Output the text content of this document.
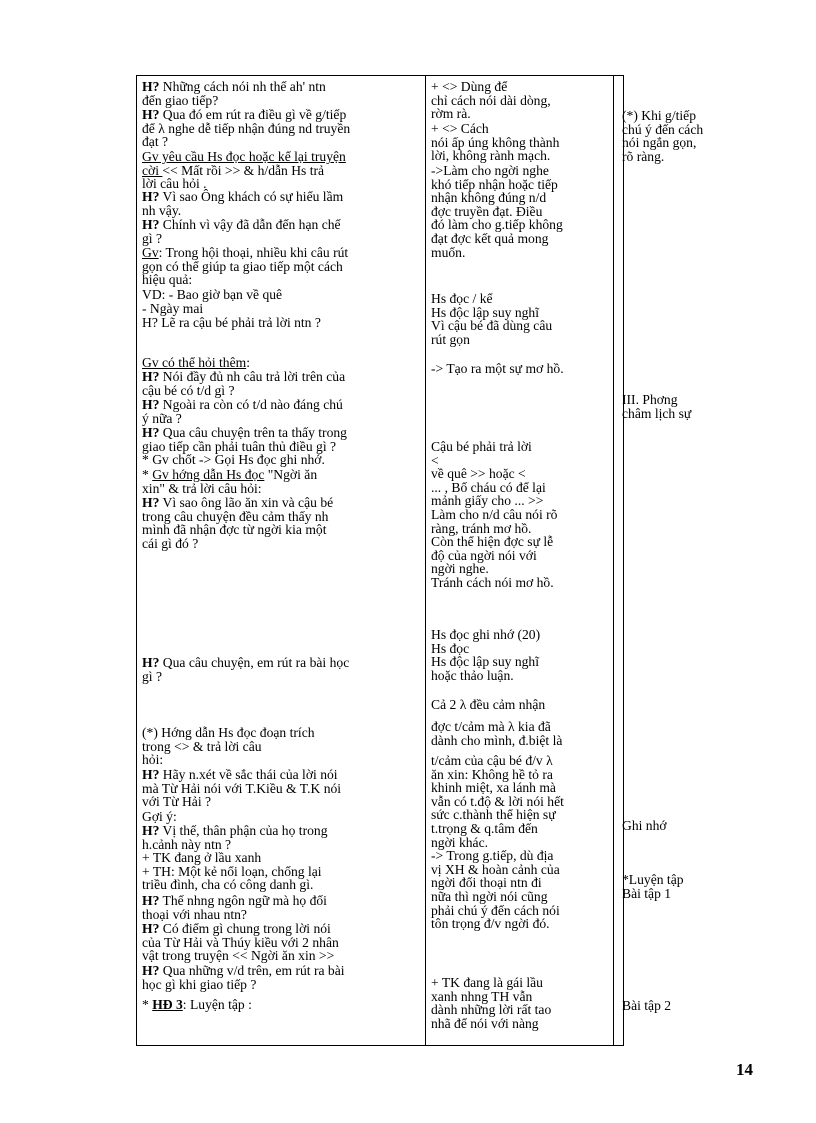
H? Những cách nói nh thế ah' ntn
đến giao tiếp?
H? Qua đó em rút ra điều gì về g/tiếp
để λ nghe dễ tiếp nhận đúng nd truyền
đạt ?
Gv yêu cầu Hs đọc hoặc kể lại truyện
cời << Mất rồi >> & h/dẫn Hs trả
lời câu hỏi .
H? Vì sao Ông khách có sự hiểu lầm
nh vậy.
H? Chính vì vậy đã dẫn đến hạn chế
gì ?
Gv: Trong hội thoại, nhiều khi câu rút
gọn có thể giúp ta giao tiếp một cách
hiệu quả:
VD: - Bao giờ bạn về quê
- Ngày mai
H? Lẽ ra cậu bé phải trả lời ntn ?
Gv có thể hỏi thêm:
H? Nói đầy đủ nh câu trả lời trên của
cậu bé có t/d gì ?
H? Ngoài ra còn có t/d nào đáng chú
ý nữa ?
H? Qua câu chuyện trên ta thấy trong
giao tiếp cần phải tuân thủ điều gì ?
* Gv chốt -> Gọi Hs đọc ghi nhớ.
* Gv hớng dẫn Hs đọc "Ngời ăn
xin" & trả lời câu hỏi:
H? Vì sao ông lão ăn xin và cậu bé
trong câu chuyện đều cảm thấy nh
mình đã nhận đợc từ ngời kia một
cái gì đó ?
H? Qua câu chuyện, em rút ra bài học
gì ?
(*) Hớng dẫn Hs đọc đoạn trích
trong <> & trả lời câu
hỏi:
H? Hãy n.xét về sắc thái của lời nói
mà Từ Hải nói với T.Kiều & T.K nói
với Từ Hải ?
Gợi ý:
H? Vị thế, thân phận của họ trong
h.cảnh này ntn ?
+ TK đang ở lầu xanh
+ TH: Một kẻ nổi loạn, chống lại
triều đình, cha có công danh gì.
H? Thế nhng ngôn ngữ mà họ đối
thoại với nhau ntn?
H? Có điểm gì chung trong lời nói
của Từ Hải và Thúy kiều với 2 nhân
vật trong truyện << Ngời ăn xin >>
H? Qua những v/d trên, em rút ra bài
học gì khi giao tiếp ?
* HĐ 3: Luyện tập :
+ <> Dùng để
chỉ cách nói dài dòng,
rờm rà.
+ <> Cách
nói ấp úng không thành
lời, không rành mạch.
->Làm cho ngời nghe
khó tiếp nhận hoặc tiếp
nhận không đúng n/d
đợc truyền đạt. Điều
đó làm cho g.tiếp không
đạt đợc kết quả mong
muốn.
Hs đọc / kể
Hs độc lập suy nghĩ
Vì cậu bé đã dùng câu
rút gọn
-> Tạo ra một sự mơ hồ.
Cậu bé phải trả lời
<
về quê >> hoặc <
... , Bố cháu có để lại
mảnh giấy cho ... >>
Làm cho n/d câu nói rõ
ràng, tránh mơ hồ.
Còn thể hiện đợc sự lễ
độ của ngời nói với
ngời nghe.
Tránh cách nói mơ hồ.
Hs đọc ghi nhớ (20)
Hs đọc
Hs độc lập suy nghĩ
hoặc thảo luận.
Cả 2 λ đều cảm nhận
đợc t/cảm mà λ kia đã
dành cho mình, đ.biệt là
t/cảm của cậu bé đ/v λ
ăn xin: Không hề tỏ ra
khinh miệt, xa lánh mà
vẫn có t.độ & lời nói hết
sức c.thành thể hiện sự
t.trọng & q.tâm đến
ngời khác.
-> Trong g.tiếp, dù địa
vị XH & hoàn cảnh của
ngời đối thoại ntn đi
nữa thì ngời nói cũng
phải chú ý đến cách nói
tôn trọng đ/v ngời đó.
+ TK đang là gái lầu
xanh nhng TH vẫn
dành những lời rất tao
nhã để nói với nàng
(*) Khi g/tiếp
chú ý đến cách
nói ngắn gọn,
rõ ràng.
III. Phơng
châm lịch sự
Ghi nhớ
*Luyện tập
Bài tập 1
Bài tập 2
14
